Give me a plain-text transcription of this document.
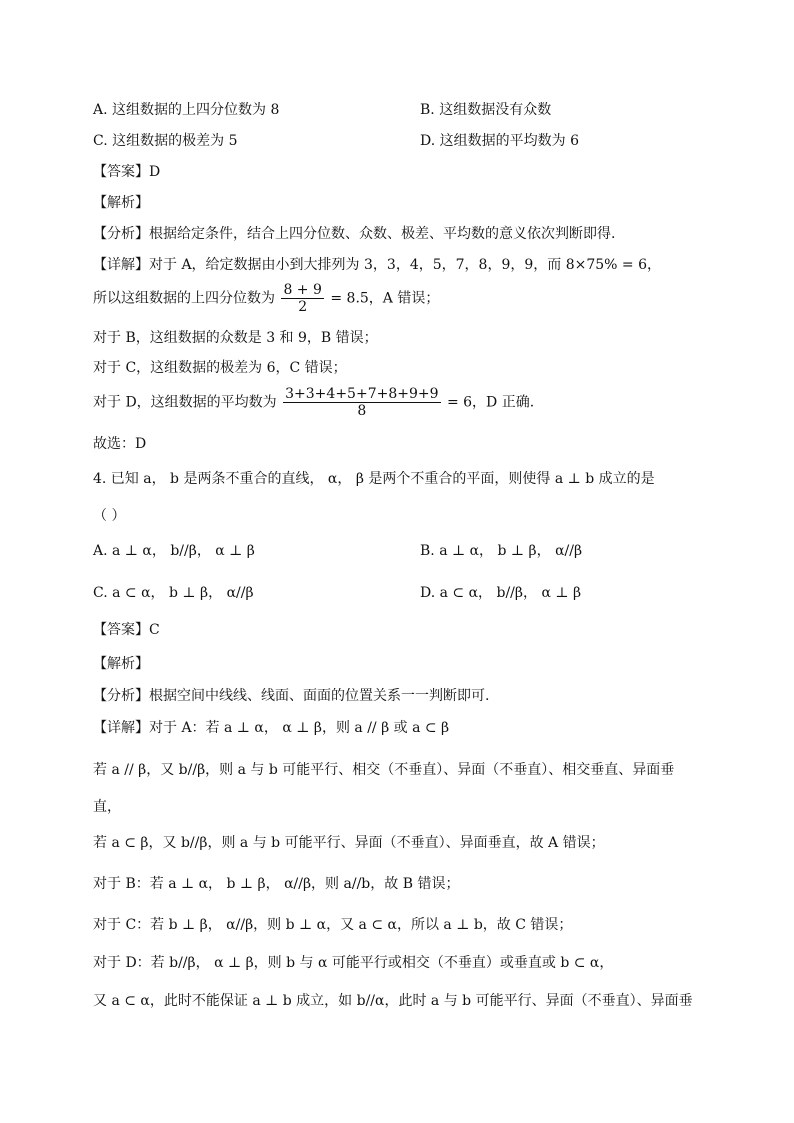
A. 这组数据的上四分位数为 8	B. 这组数据没有众数
C. 这组数据的极差为 5	D. 这组数据的平均数为 6
【答案】D
【解析】
【分析】根据给定条件，结合上四分位数、众数、极差、平均数的意义依次判断即得.
【详解】对于 A，给定数据由小到大排列为 3，3，4，5，7，8，9，9，而 8×75% = 6，
所以这组数据的上四分位数为 $\frac{8 + 9}{2} = 8.5$，A 错误；
对于 B，这组数据的众数是 3 和 9，B 错误；
对于 C，这组数据的极差为 6，C 错误；
对于 D，这组数据的平均数为 $\frac{3+3+4+5+7+8+9+9}{8} = 6$，D 正确.
故选：D
4. 已知 a， b 是两条不重合的直线， α， β 是两个不重合的平面，则使得 a ⊥ b 成立的是
（ ）
A. a ⊥ α， b//β， α ⊥ β	B. a ⊥ α， b ⊥ β， α//β
C. a ⊂ α， b ⊥ β， α//β	D. a ⊂ α， b//β， α ⊥ β
【答案】C
【解析】
【分析】根据空间中线线、线面、面面的位置关系一一判断即可.
【详解】对于 A：若 a ⊥ α， α ⊥ β，则 a // β 或 a ⊂ β
若 a // β，又 b//β，则 a 与 b 可能平行、相交（不垂直）、异面（不垂直）、相交垂直、异面垂
直，
若 a ⊂ β，又 b//β，则 a 与 b 可能平行、异面（不垂直）、异面垂直，故 A 错误；
对于 B：若 a ⊥ α， b ⊥ β， α//β，则 a//b，故 B 错误；
对于 C：若 b ⊥ β， α//β，则 b ⊥ α，又 a ⊂ α，所以 a ⊥ b，故 C 错误；
对于 D：若 b//β， α ⊥ β，则 b 与 α 可能平行或相交（不垂直）或垂直或 b ⊂ α，
又 a ⊂ α，此时不能保证 a ⊥ b 成立，如 b//α，此时 a 与 b 可能平行、异面（不垂直）、异面垂
